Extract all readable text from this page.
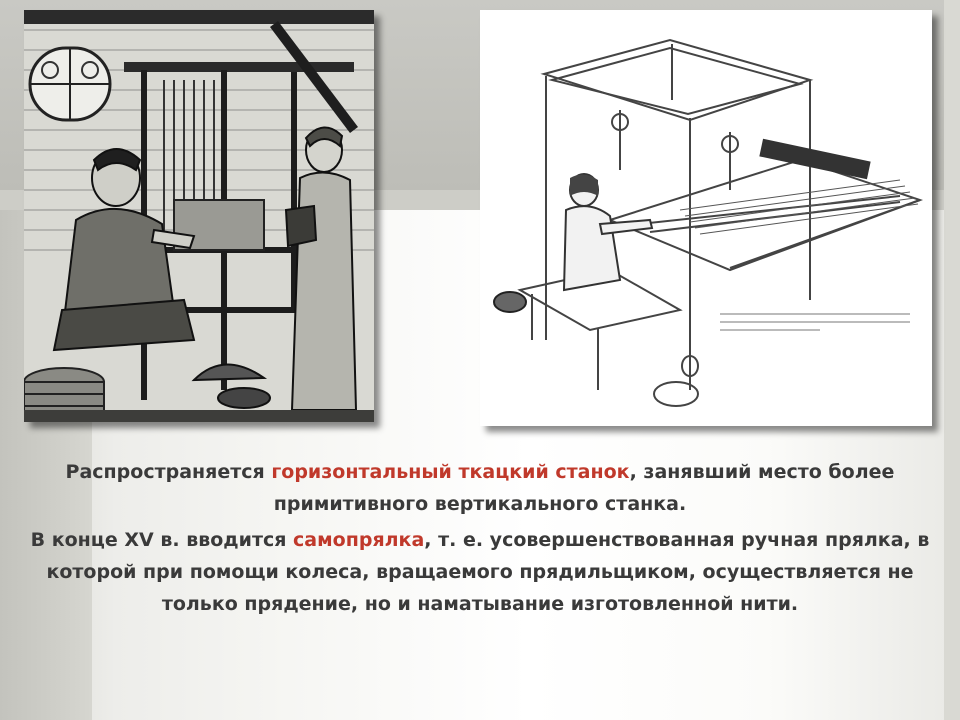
Распространяется горизонтальный ткацкий станок, занявший место более примитивного вертикального станка.

В конце XV в. вводится самопрялка, т. е. усовершенствованная ручная прялка, в которой при помощи колеса, вращаемого прядильщиком, осуществляется не только прядение, но и наматывание изготовленной нити.
